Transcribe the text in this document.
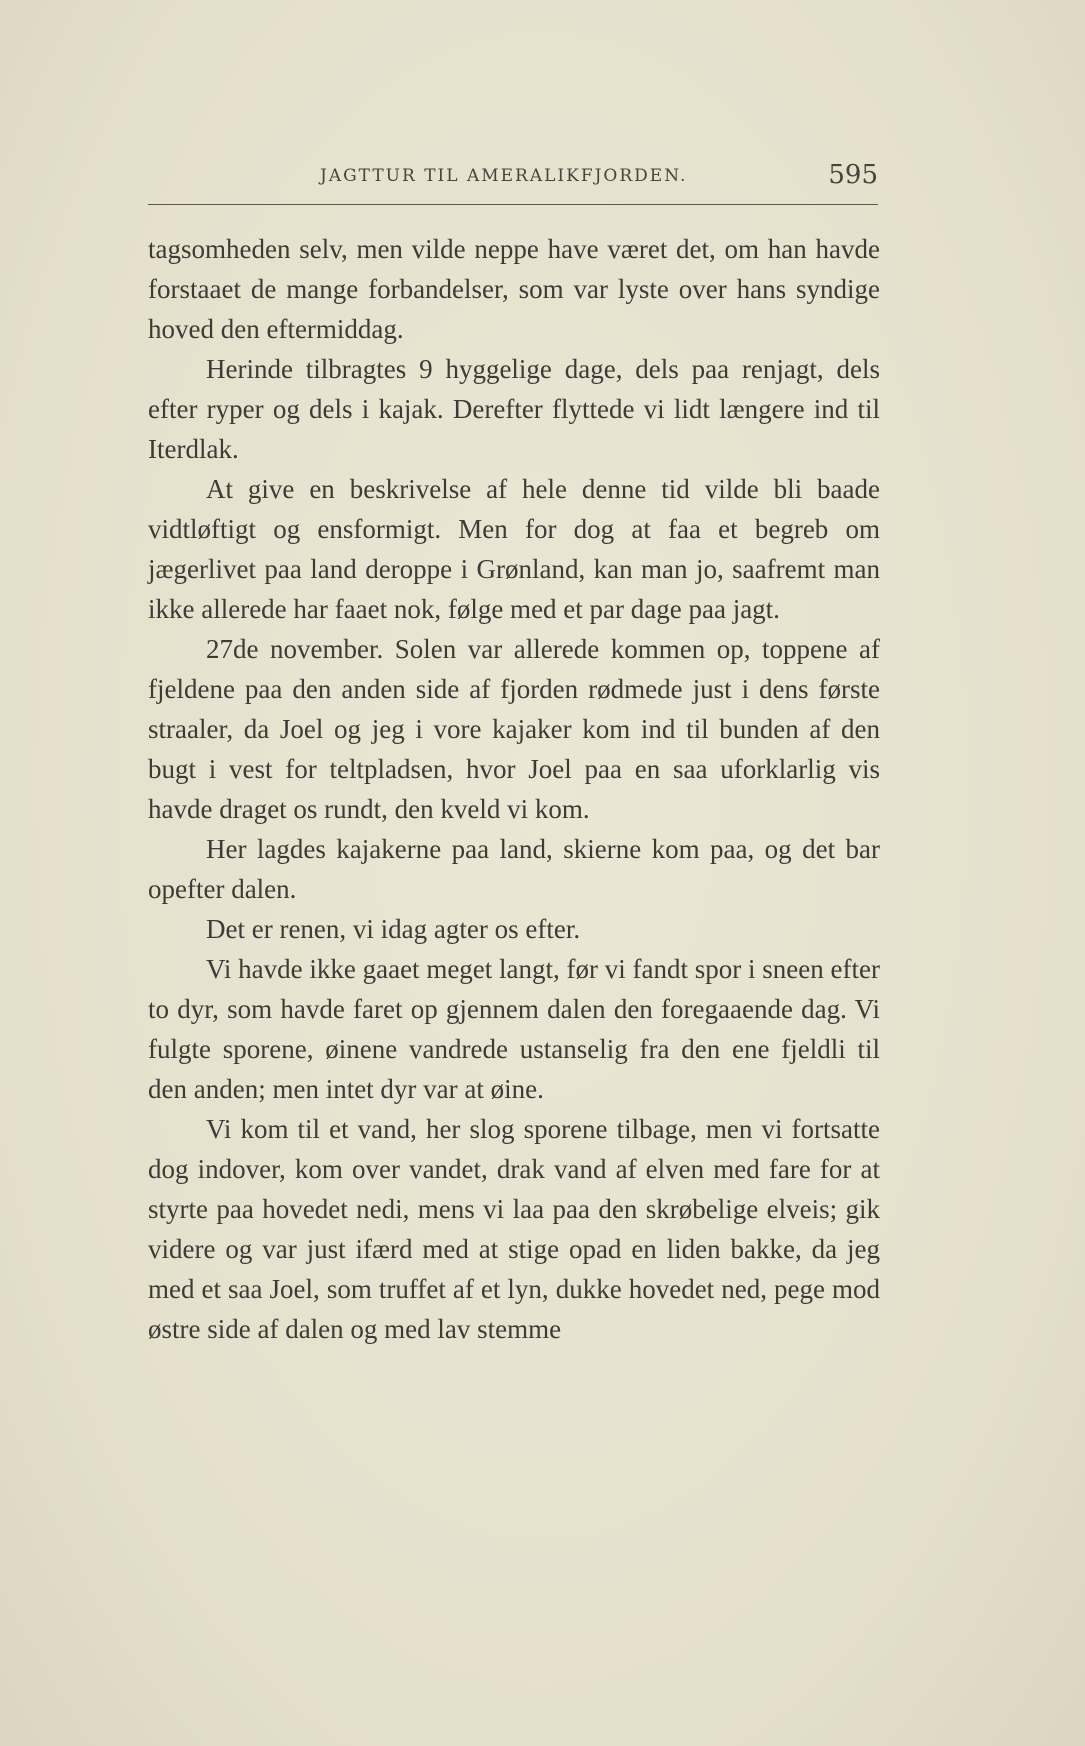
JAGTTUR TIL AMERALIKFJORDEN.	595

tagsomheden selv, men vilde neppe have været det, om han havde forstaaet de mange forbandelser, som var lyste over hans syndige hoved den eftermiddag.

Herinde tilbragtes 9 hyggelige dage, dels paa renjagt, dels efter ryper og dels i kajak. Derefter flyttede vi lidt længere ind til Iterdlak.

At give en beskrivelse af hele denne tid vilde bli baade vidtløftigt og ensformigt. Men for dog at faa et begreb om jægerlivet paa land deroppe i Grønland, kan man jo, saafremt man ikke allerede har faaet nok, følge med et par dage paa jagt.

27de november. Solen var allerede kommen op, toppene af fjeldene paa den anden side af fjorden rødmede just i dens første straaler, da Joel og jeg i vore kajaker kom ind til bunden af den bugt i vest for teltpladsen, hvor Joel paa en saa uforklarlig vis havde draget os rundt, den kveld vi kom.

Her lagdes kajakerne paa land, skierne kom paa, og det bar opefter dalen.

Det er renen, vi idag agter os efter.

Vi havde ikke gaaet meget langt, før vi fandt spor i sneen efter to dyr, som havde faret op gjennem dalen den foregaaende dag. Vi fulgte sporene, øinene vandrede ustanselig fra den ene fjeldli til den anden; men intet dyr var at øine.

Vi kom til et vand, her slog sporene tilbage, men vi fortsatte dog indover, kom over vandet, drak vand af elven med fare for at styrte paa hovedet nedi, mens vi laa paa den skrøbelige elveis; gik videre og var just ifærd med at stige opad en liden bakke, da jeg med et saa Joel, som truffet af et lyn, dukke hovedet ned, pege mod østre side af dalen og med lav stemme
